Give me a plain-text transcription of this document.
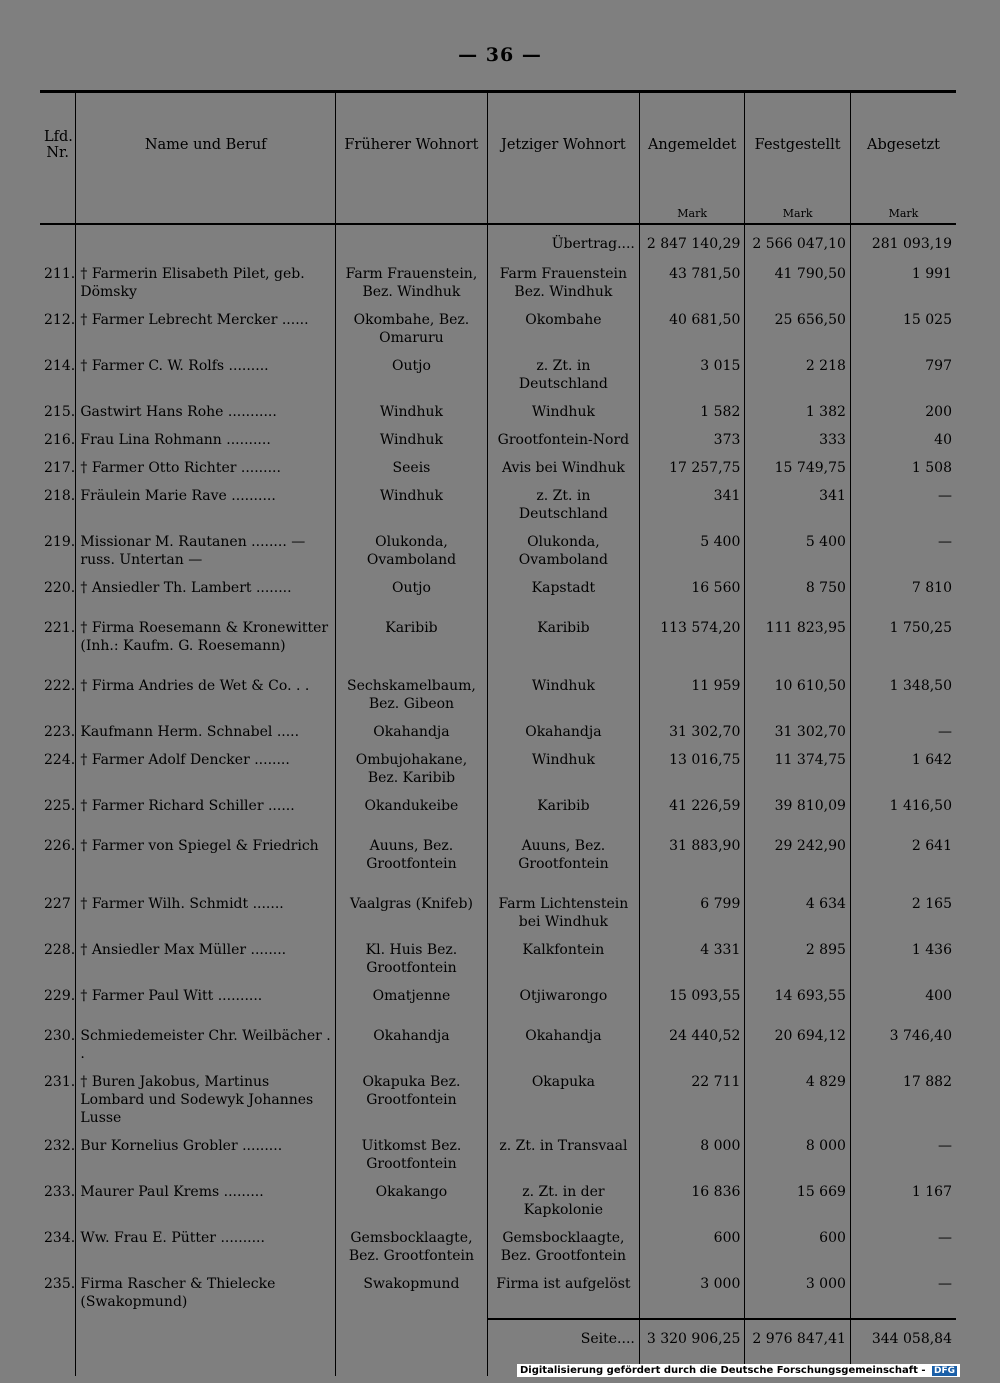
— 36 —
Lfd.
Nr.	Name und Beruf	Früherer Wohnort	Jetziger Wohnort	Angemeldet	Festgestellt	Abgesetzt
				Mark	Mark	Mark
			Übertrag....	2 847 140,29	2 566 047,10	281 093,19
211.	† Farmerin Elisabeth Pilet, geb. Dömsky	Farm Frauenstein, Bez. Windhuk	Farm Frauenstein Bez. Windhuk	43 781,50	41 790,50	1 991
212.	† Farmer Lebrecht Mercker ......	Okombahe, Bez. Omaruru	Okombahe	40 681,50	25 656,50	15 025
214.	† Farmer C. W. Rolfs .........	Outjo	z. Zt. in Deutschland	3 015	2 218	797
215.	Gastwirt Hans Rohe ...........	Windhuk	Windhuk	1 582	1 382	200
216.	Frau Lina Rohmann ..........	Windhuk	Grootfontein-Nord	373	333	40
217.	† Farmer Otto Richter .........	Seeis	Avis bei Windhuk	17 257,75	15 749,75	1 508
218.	Fräulein Marie Rave ..........	Windhuk	z. Zt. in Deutschland	341	341	—
219.	Missionar M. Rautanen ........ — russ. Untertan —	Olukonda, Ovamboland	Olukonda, Ovamboland	5 400	5 400	—
220.	† Ansiedler Th. Lambert ........	Outjo	Kapstadt	16 560	8 750	7 810
221.	† Firma Roesemann & Kronewitter (Inh.: Kaufm. G. Roesemann)	Karibib	Karibib	113 574,20	111 823,95	1 750,25
222.	† Firma Andries de Wet & Co. . .	Sechskamelbaum, Bez. Gibeon	Windhuk	11 959	10 610,50	1 348,50
223.	Kaufmann Herm. Schnabel .....	Okahandja	Okahandja	31 302,70	31 302,70	—
224.	† Farmer Adolf Dencker ........	Ombujohakane, Bez. Karibib	Windhuk	13 016,75	11 374,75	1 642
225.	† Farmer Richard Schiller ......	Okandukeibe	Karibib	41 226,59	39 810,09	1 416,50
226.	† Farmer von Spiegel & Friedrich	Auuns, Bez. Grootfontein	Auuns, Bez. Grootfontein	31 883,90	29 242,90	2 641
227	† Farmer Wilh. Schmidt .......	Vaalgras (Knifeb)	Farm Lichtenstein bei Windhuk	6 799	4 634	2 165
228.	† Ansiedler Max Müller ........	Kl. Huis Bez. Grootfontein	Kalkfontein	4 331	2 895	1 436
229.	† Farmer Paul Witt ..........	Omatjenne	Otjiwarongo	15 093,55	14 693,55	400
230.	Schmiedemeister Chr. Weilbächer . .	Okahandja	Okahandja	24 440,52	20 694,12	3 746,40
231.	† Buren Jakobus, Martinus Lombard und Sodewyk Johannes Lusse	Okapuka Bez. Grootfontein	Okapuka	22 711	4 829	17 882
232.	Bur Kornelius Grobler .........	Uitkomst Bez. Grootfontein	z. Zt. in Transvaal	8 000	8 000	—
233.	Maurer Paul Krems .........	Okakango	z. Zt. in der Kapkolonie	16 836	15 669	1 167
234.	Ww. Frau E. Pütter ..........	Gemsbocklaagte, Bez. Grootfontein	Gemsbocklaagte, Bez. Grootfontein	600	600	—
235.	Firma Rascher & Thielecke (Swakopmund)	Swakopmund	Firma ist aufgelöst	3 000	3 000	—
			Seite....	3 320 906,25	2 976 847,41	344 058,84
Digitalisierung gefördert durch die Deutsche Forschungsgemeinschaft - DFG
